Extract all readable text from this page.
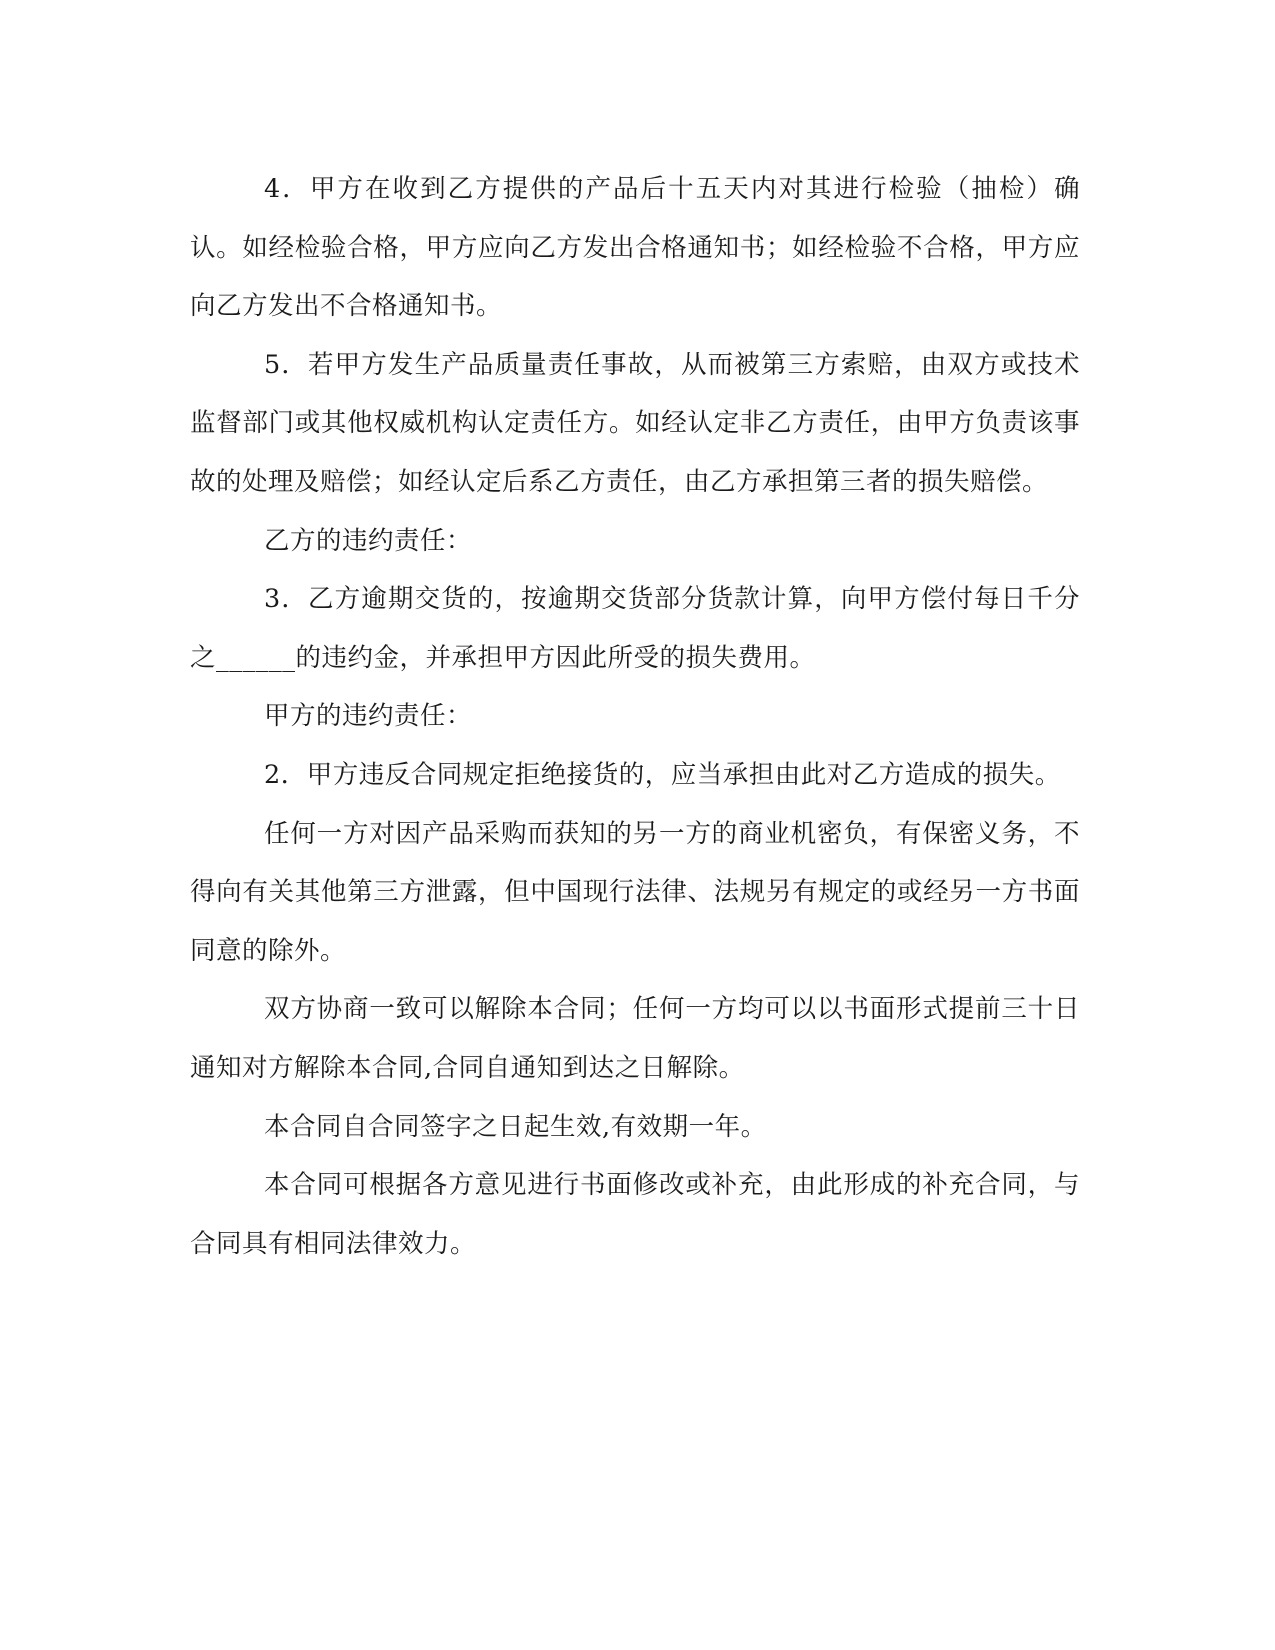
4．甲方在收到乙方提供的产品后十五天内对其进行检验（抽检）确认。如经检验合格，甲方应向乙方发出合格通知书；如经检验不合格，甲方应向乙方发出不合格通知书。

5．若甲方发生产品质量责任事故，从而被第三方索赔，由双方或技术监督部门或其他权威机构认定责任方。如经认定非乙方责任，由甲方负责该事故的处理及赔偿；如经认定后系乙方责任，由乙方承担第三者的损失赔偿。

乙方的违约责任：

3．乙方逾期交货的，按逾期交货部分货款计算，向甲方偿付每日千分之______的违约金，并承担甲方因此所受的损失费用。

甲方的违约责任：

2．甲方违反合同规定拒绝接货的，应当承担由此对乙方造成的损失。

任何一方对因产品采购而获知的另一方的商业机密负，有保密义务，不得向有关其他第三方泄露，但中国现行法律、法规另有规定的或经另一方书面同意的除外。

双方协商一致可以解除本合同；任何一方均可以以书面形式提前三十日通知对方解除本合同,合同自通知到达之日解除。

本合同自合同签字之日起生效,有效期一年。

本合同可根据各方意见进行书面修改或补充，由此形成的补充合同，与合同具有相同法律效力。
